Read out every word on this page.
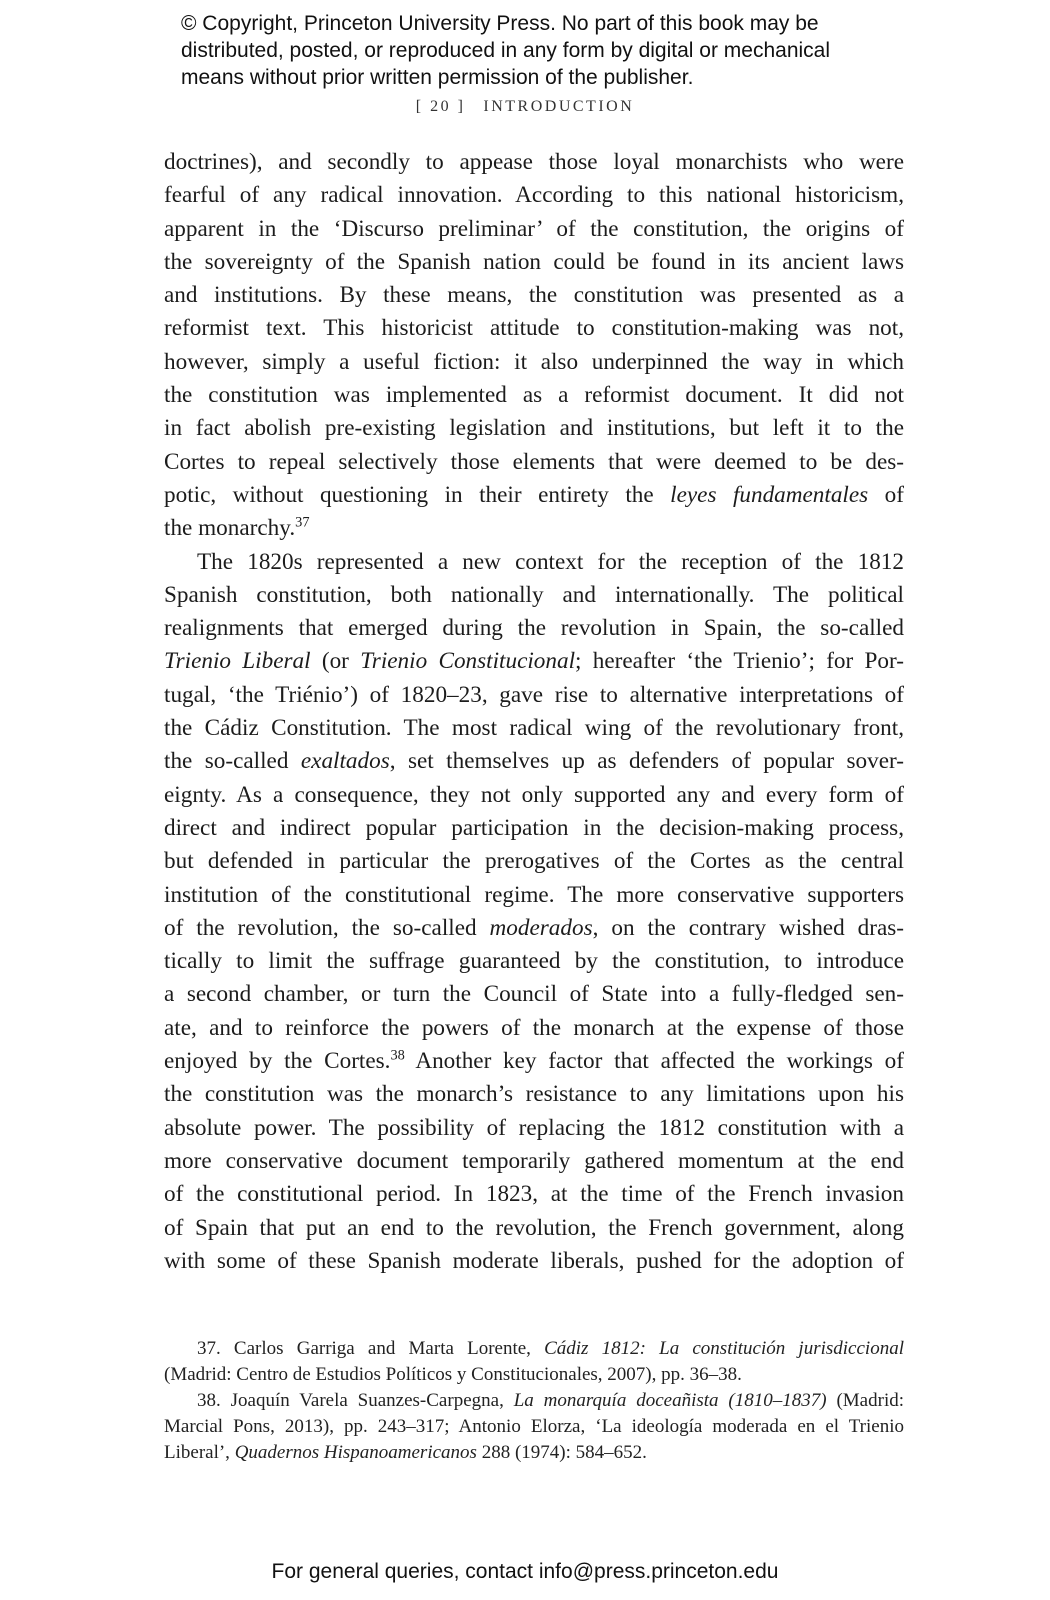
© Copyright, Princeton University Press. No part of this book may be
distributed, posted, or reproduced in any form by digital or mechanical
means without prior written permission of the publisher.
[ 20 ] INTRODUCTION

doctrines), and secondly to appease those loyal monarchists who were
fearful of any radical innovation. According to this national historicism,
apparent in the ‘Discurso preliminar’ of the constitution, the origins of
the sovereignty of the Spanish nation could be found in its ancient laws
and institutions. By these means, the constitution was presented as a
reformist text. This historicist attitude to constitution-making was not,
however, simply a useful fiction: it also underpinned the way in which
the constitution was implemented as a reformist document. It did not
in fact abolish pre-existing legislation and institutions, but left it to the
Cortes to repeal selectively those elements that were deemed to be des-
potic, without questioning in their entirety the leyes fundamentales of
the monarchy.$^{37}$

The 1820s represented a new context for the reception of the 1812
Spanish constitution, both nationally and internationally. The political
realignments that emerged during the revolution in Spain, the so-called
Trienio Liberal (or Trienio Constitucional; hereafter ‘the Trienio’; for Por-
tugal, ‘the Triénio’) of 1820–23, gave rise to alternative interpretations of
the Cádiz Constitution. The most radical wing of the revolutionary front,
the so-called exaltados, set themselves up as defenders of popular sover-
eignty. As a consequence, they not only supported any and every form of
direct and indirect popular participation in the decision-making process,
but defended in particular the prerogatives of the Cortes as the central
institution of the constitutional regime. The more conservative supporters
of the revolution, the so-called moderados, on the contrary wished dras-
tically to limit the suffrage guaranteed by the constitution, to introduce
a second chamber, or turn the Council of State into a fully-fledged sen-
ate, and to reinforce the powers of the monarch at the expense of those
enjoyed by the Cortes.$^{38}$ Another key factor that affected the workings of
the constitution was the monarch’s resistance to any limitations upon his
absolute power. The possibility of replacing the 1812 constitution with a
more conservative document temporarily gathered momentum at the end
of the constitutional period. In 1823, at the time of the French invasion
of Spain that put an end to the revolution, the French government, along
with some of these Spanish moderate liberals, pushed for the adoption of

37. Carlos Garriga and Marta Lorente, Cádiz 1812: La constitución jurisdiccional
(Madrid: Centro de Estudios Políticos y Constitucionales, 2007), pp. 36–38.
38. Joaquín Varela Suanzes-Carpegna, La monarquía doceañista (1810–1837) (Madrid:
Marcial Pons, 2013), pp. 243–317; Antonio Elorza, ‘La ideología moderada en el Trienio
Liberal’, Quadernos Hispanoamericanos 288 (1974): 584–652.
For general queries, contact info@press.princeton.edu
